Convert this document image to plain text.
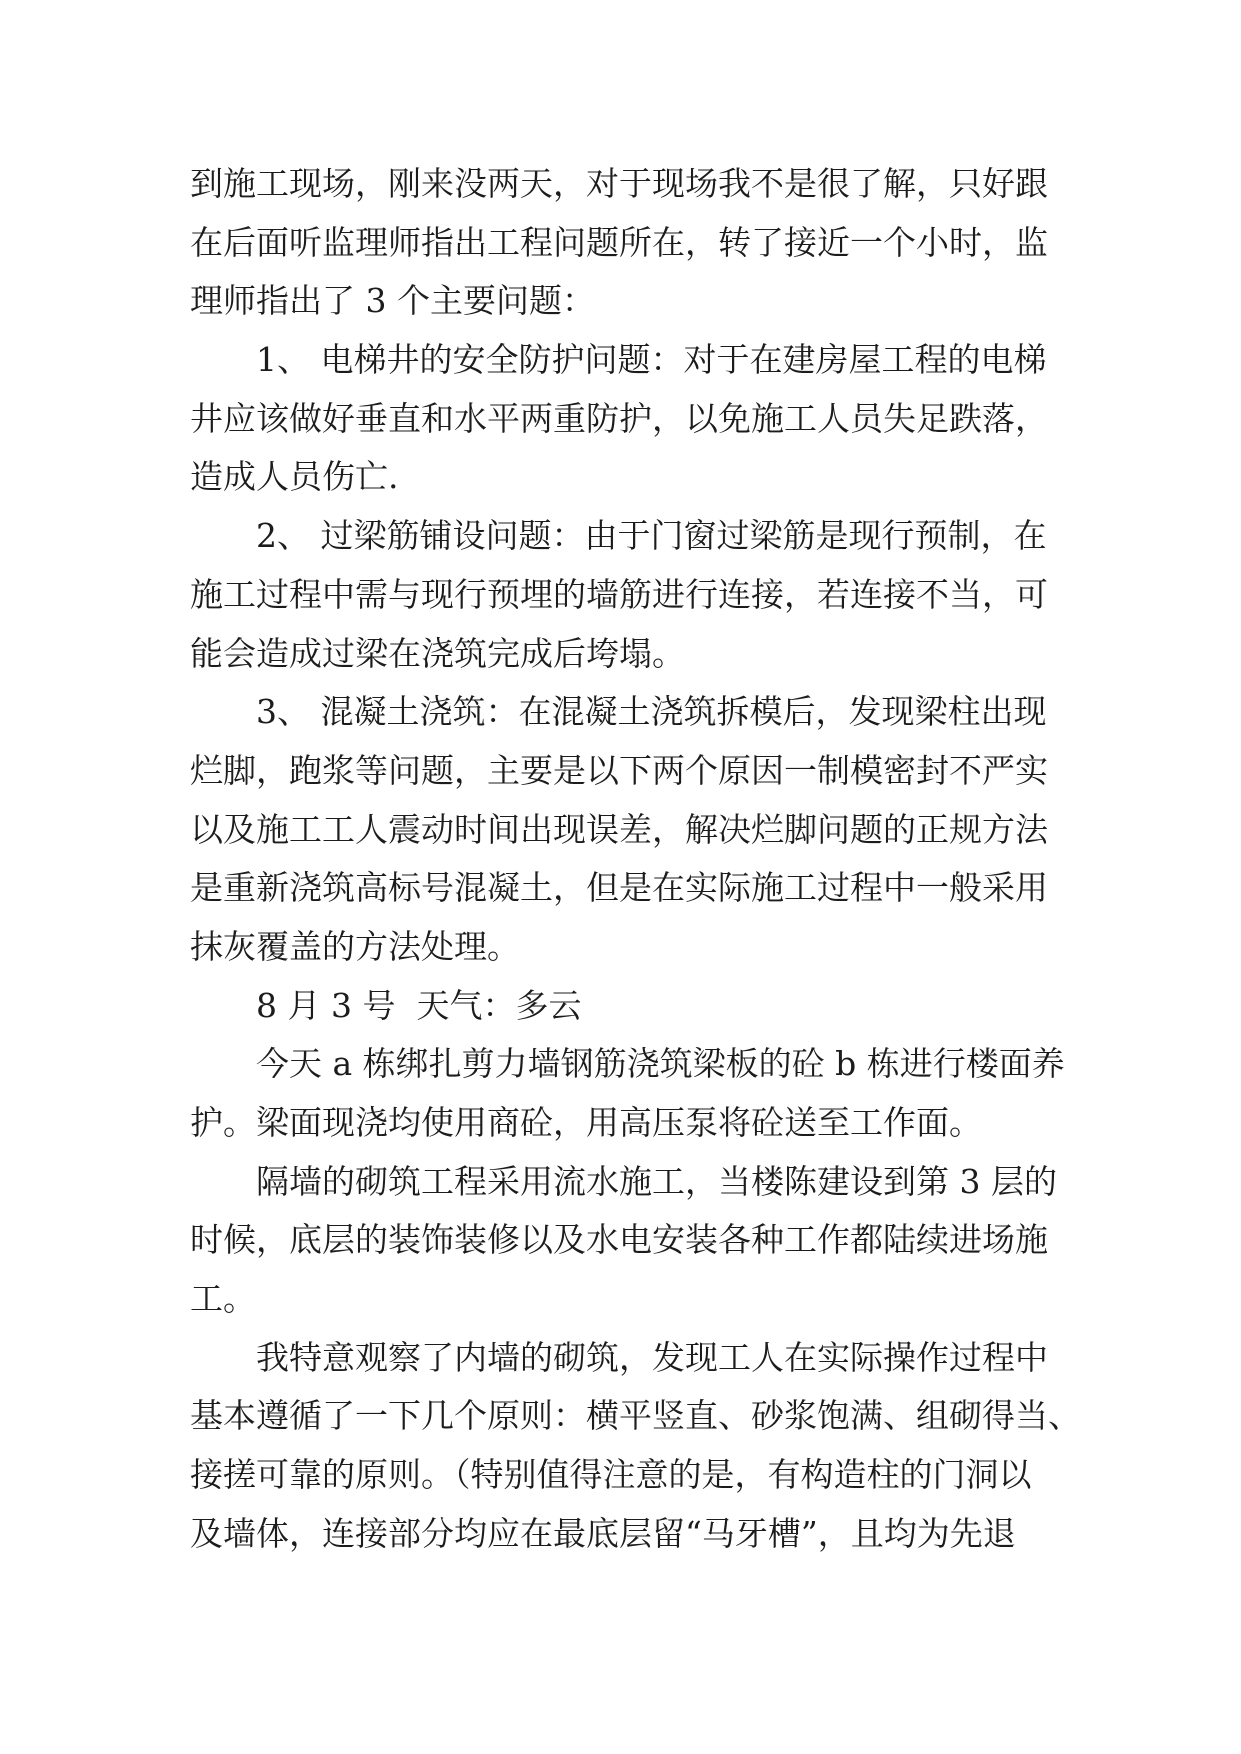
到施工现场，刚来没两天，对于现场我不是很了解，只好跟
在后面听监理师指出工程问题所在，转了接近一个小时，监
理师指出了 3 个主要问题：
1、 电梯井的安全防护问题：对于在建房屋工程的电梯
井应该做好垂直和水平两重防护，以免施工人员失足跌落，
造成人员伤亡.
2、 过梁筋铺设问题：由于门窗过梁筋是现行预制，在
施工过程中需与现行预埋的墙筋进行连接，若连接不当，可
能会造成过梁在浇筑完成后垮塌。
3、 混凝土浇筑：在混凝土浇筑拆模后，发现梁柱出现
烂脚，跑浆等问题，主要是以下两个原因一制模密封不严实
以及施工工人震动时间出现误差，解决烂脚问题的正规方法
是重新浇筑高标号混凝土，但是在实际施工过程中一般采用
抹灰覆盖的方法处理。
8 月 3 号  天气：多云
今天 a 栋绑扎剪力墙钢筋浇筑梁板的砼 b 栋进行楼面养
护。梁面现浇均使用商砼，用高压泵将砼送至工作面。
隔墙的砌筑工程采用流水施工，当楼陈建设到第 3 层的
时候，底层的装饰装修以及水电安装各种工作都陆续进场施
工。
我特意观察了内墙的砌筑，发现工人在实际操作过程中
基本遵循了一下几个原则：横平竖直、砂浆饱满、组砌得当、
接搓可靠的原则。（特别值得注意的是，有构造柱的门洞以
及墙体，连接部分均应在最底层留“马牙槽”，且均为先退
